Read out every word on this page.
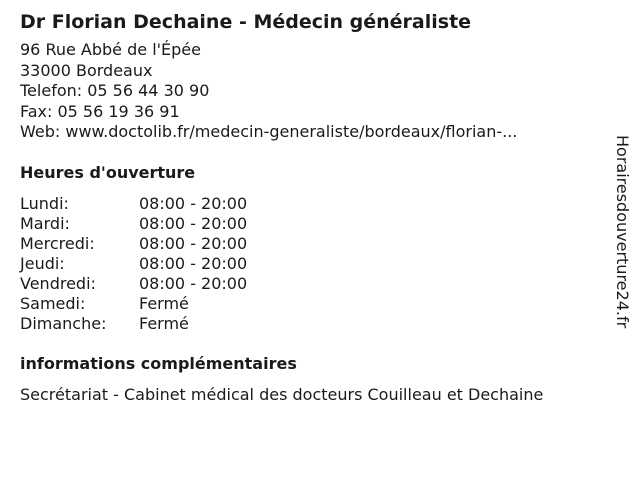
Dr Florian Dechaine - Médecin généraliste
96 Rue Abbé de l'Épée
33000 Bordeaux
Telefon: 05 56 44 30 90
Fax: 05 56 19 36 91
Web: www.doctolib.fr/medecin-generaliste/bordeaux/florian-...
Heures d'ouverture
Lundi:	08:00 - 20:00
Mardi:	08:00 - 20:00
Mercredi:	08:00 - 20:00
Jeudi:	08:00 - 20:00
Vendredi:	08:00 - 20:00
Samedi:	Fermé
Dimanche:	Fermé
informations complémentaires
Secrétariat - Cabinet médical des docteurs Couilleau et Dechaine
Horairesdouverture24.fr
